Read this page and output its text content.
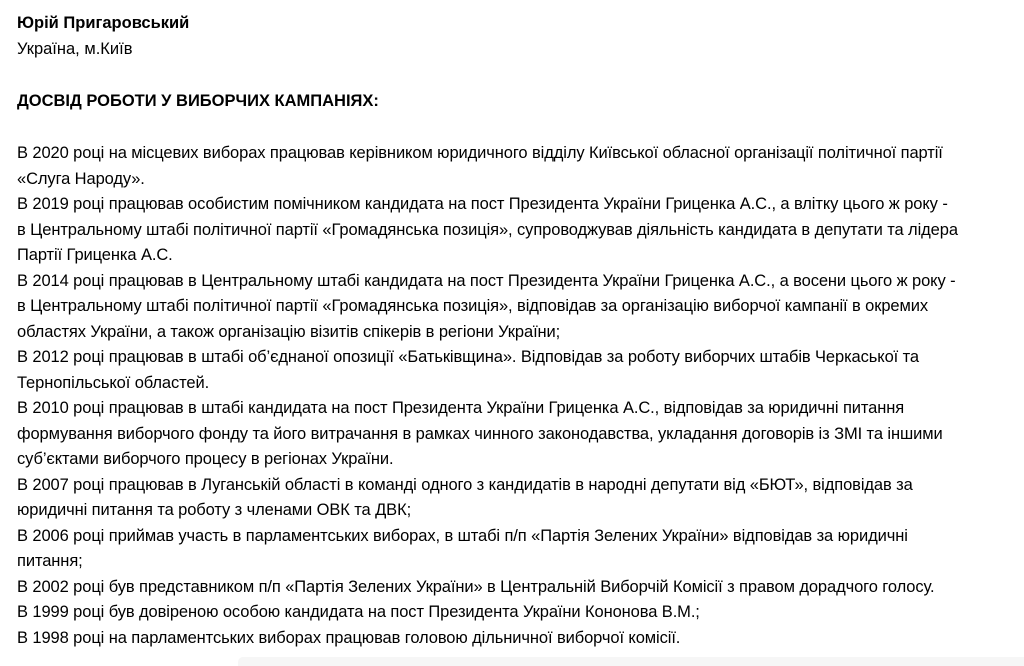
Юрій Пригаровський
Україна, м.Київ
ДОСВІД РОБОТИ У ВИБОРЧИХ КАМПАНІЯХ:
В 2020 році на місцевих виборах працював керівником юридичного відділу Київської обласної організації політичної партії
«Слуга Народу».
В 2019 році працював особистим помічником кандидата на пост Президента України Гриценка А.С., а влітку цього ж року -
в Центральному штабі політичної партії «Громадянська позиція», супроводжував діяльність кандидата в депутати та лідера
Партії Гриценка А.С.
В 2014 році працював в Центральному штабі кандидата на пост Президента України Гриценка А.С., а восени цього ж року -
в Центральному штабі політичної партії «Громадянська позиція», відповідав за організацію виборчої кампанії в окремих
областях України, а також організацію візитів спікерів в регіони України;
В 2012 році працював в штабі об’єднаної опозиції «Батьківщина». Відповідав за роботу виборчих штабів Черкаської та
Тернопільської областей.
В 2010 році працював в штабі кандидата на пост Президента України Гриценка А.С., відповідав за юридичні питання
формування виборчого фонду та його витрачання в рамках чинного законодавства, укладання договорів із ЗМІ та іншими
суб’єктами виборчого процесу в регіонах України.
В 2007 році працював в Луганській області в команді одного з кандидатів в народні депутати від «БЮТ», відповідав за
юридичні питання та роботу з членами ОВК та ДВК;
В 2006 році приймав участь в парламентських виборах, в штабі п/п «Партія Зелених України» відповідав за юридичні
питання;
В 2002 році був представником п/п «Партія Зелених України» в Центральній Виборчій Комісії з правом дорадчого голосу.
В 1999 році був довіреною особою кандидата на пост Президента України Кононова В.М.;
В 1998 році на парламентських виборах працював головою дільничної виборчої комісії.
